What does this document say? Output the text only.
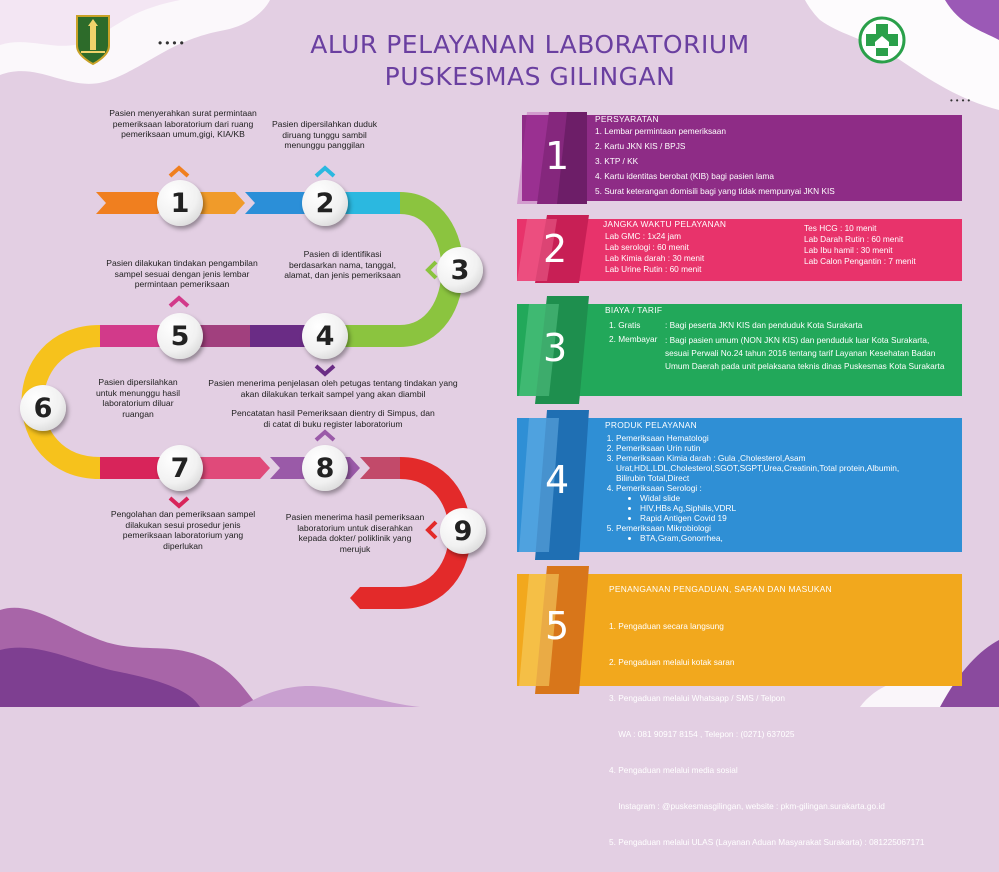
••••
••••
ALUR PELAYANAN LABORATORIUM
PUSKESMAS GILINGAN
1	2
3
4
5
6
7	8
9
Pasien menyerahkan surat permintaan pemeriksaan laboratorium dari ruang pemeriksaan umum,gigi, KIA/KB
Pasien dipersilahkan duduk diruang tunggu sambil menunggu panggilan
Pasien di identifikasi berdasarkan nama, tanggal, alamat, dan jenis pemeriksaan
Pasien dilakukan tindakan pengambilan sampel sesuai dengan jenis lembar permintaan pemeriksaan
Pasien menerima penjelasan oleh petugas tentang tindakan yang akan dilakukan terkait sampel yang akan diambil
Pasien dipersilahkan untuk menunggu hasil laboratorium diluar ruangan	Pencatatan hasil Pemeriksaan dientry di Simpus, dan di catat di buku register laboratorium
Pengolahan dan pemeriksaan sampel dilakukan sesui prosedur jenis pemeriksaan laboratorium yang diperlukan
Pasien menerima hasil pemeriksaan laboratorium untuk diserahkan kepada dokter/ poliklinik yang merujuk
1
PERSYARATAN
1. Lembar permintaan pemeriksaan
2. Kartu JKN KIS / BPJS
3. KTP / KK
4. Kartu identitas berobat (KIB) bagi pasien lama
5. Surat keterangan domisili bagi yang tidak mempunyai JKN KIS
2
JANGKA WAKTU PELAYANAN
Lab GMC : 1x24 jam
Lab serologi : 60 menit
Lab Kimia darah : 30 menit
Lab Urine Rutin : 60 menit
Tes HCG : 10 menit
Lab Darah Rutin : 60 menit
Lab Ibu hamil : 30 menit
Lab Calon Pengantin : 7 menit
3
BIAYA / TARIF
1. Gratis	: Bagi peserta JKN KIS dan penduduk Kota Surakarta
2. Membayar : Bagi pasien umum (NON JKN KIS) dan penduduk luar Kota Surakarta, sesuai Perwali No.24 tahun 2016 tentang tarif Layanan Kesehatan Badan Umum Daerah pada unit pelaksana teknis dinas Puskesmas Kota Surakarta
4
PRODUK PELAYANAN
1. Pemeriksaan Hematologi
2. Pemeriksaan Urin rutin
3. Pemeriksaan Kimia darah : Gula ,Cholesterol,Asam Urat,HDL,LDL,Cholesterol,SGOT,SGPT,Urea,Creatinin,Total protein,Albumin, Bilirubin Total,Direct
4. Pemeriksaan Serologi :
• Widal slide
• HIV,HBs Ag,Siphilis,VDRL
• Rapid Antigen Covid 19
5. Pemeriksaan Mikrobiologi
• BTA,Gram,Gonorrhea,
5
PENANGANAN PENGADUAN, SARAN DAN MASUKAN

1. Pengaduan secara langsung

2. Pengaduan melalui kotak saran

3. Pengaduan melalui Whatsapp / SMS / Telpon

WA : 081 90917 8154 , Telepon : (0271) 637025

4. Pengaduan melalui media sosial

Instagram : @puskesmasgilingan, website : pkm-gilingan.surakarta.go.id

5. Pengaduan melalui ULAS (Layanan Aduan Masyarakat Surakarta) : 081225067171
